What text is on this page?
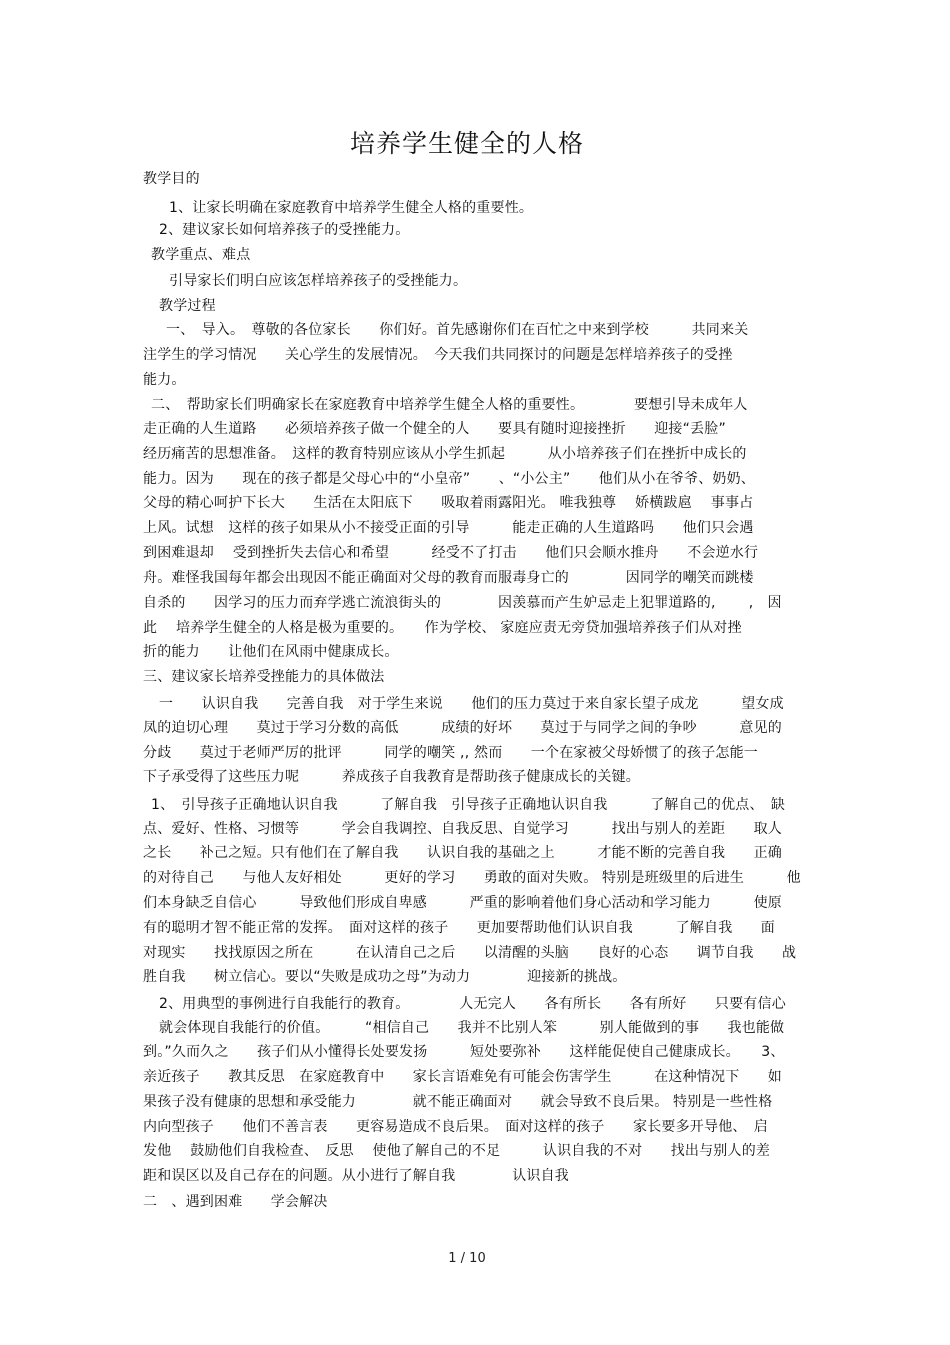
培养学生健全的人格
教学目的
1、让家长明确在家庭教育中培养学生健全人格的重要性。
2、建议家长如何培养孩子的受挫能力。
教学重点、难点
引导家长们明白应该怎样培养孩子的受挫能力。
教学过程
一、　导入。　尊敬的各位家长　　你们好。首先感谢你们在百忙之中来到学校　　　共同来关
注学生的学习情况　　关心学生的发展情况。　今天我们共同探讨的问题是怎样培养孩子的受挫
能力。
二、　帮助家长们明确家长在家庭教育中培养学生健全人格的重要性。　　　　要想引导未成年人
走正确的人生道路　　必须培养孩子做一个健全的人　　要具有随时迎接挫折　　迎接“丢脸”
经历痛苦的思想准备。　这样的教育特别应该从小学生抓起　　　从小培养孩子们在挫折中成长的
能力。因为　　现在的孩子都是父母心中的“小皇帝”　　、“小公主”　　他们从小在爷爷、奶奶、
父母的精心呵护下长大　　生活在太阳底下　　吸取着雨露阳光。 唯我独尊　 娇横跋扈　 事事占
上风。试想　这样的孩子如果从小不接受正面的引导　　　能走正确的人生道路吗　　他们只会遇
到困难退却　 受到挫折失去信心和希望　　　经受不了打击　　他们只会顺水推舟　　不会逆水行
舟。难怪我国每年都会出现因不能正确面对父母的教育而服毒身亡的　　　　因同学的嘲笑而跳楼
自杀的　　因学习的压力而弃学逃亡流浪街头的　　　　因羡慕而产生妒忌走上犯罪道路的,　　 ,　因
此　 培养学生健全的人格是极为重要的。　　作为学校、 家庭应责无旁贷加强培养孩子们从对挫
折的能力　　让他们在风雨中健康成长。
三、建议家长培养受挫能力的具体做法
一　　认识自我　　完善自我　对于学生来说　　他们的压力莫过于来自家长望子成龙　　　望女成
凤的迫切心理　　莫过于学习分数的高低　　　成绩的好坏　　莫过于与同学之间的争吵　　　意见的
分歧　　莫过于老师严厉的批评　　　同学的嘲笑 ,, 然而　　一个在家被父母娇惯了的孩子怎能一
下子承受得了这些压力呢　　　养成孩子自我教育是帮助孩子健康成长的关键。
1、　引导孩子正确地认识自我　　　了解自我　引导孩子正确地认识自我　　　了解自己的优点、　缺
点、爱好、性格、习惯等　　　学会自我调控、自我反思、自觉学习　　　找出与别人的差距　　取人
之长　　补己之短。只有他们在了解自我　　认识自我的基础之上　　　才能不断的完善自我　　正确
的对待自己　　与他人友好相处　　　更好的学习　　勇敢的面对失败。 特别是班级里的后进生　　　他
们本身缺乏自信心　　　导致他们形成自卑感　　　严重的影响着他们身心活动和学习能力　　　使原
有的聪明才智不能正常的发挥。　面对这样的孩子　　更加要帮助他们认识自我　　　了解自我　　面
对现实　　找找原因之所在　　　在认清自己之后　　以清醒的头脑　　良好的心态　　调节自我　　战
胜自我　　树立信心。要以“失败是成功之母”为动力　　　　迎接新的挑战。
2、用典型的事例进行自我能行的教育。　　　　人无完人　　各有所长　　各有所好　　只要有信心
就会体现自我能行的价值。　　　“相信自己　　我并不比别人笨　　　别人能做到的事　　我也能做
到。”久而久之　　孩子们从小懂得长处要发扬　　　短处要弥补　　这样能促使自己健康成长。　　3、
亲近孩子　　教其反思　在家庭教育中　　家长言语难免有可能会伤害学生　　　在这种情况下　　如
果孩子没有健康的思想和承受能力　　　　就不能正确面对　　就会导致不良后果。 特别是一些性格
内向型孩子　　他们不善言表　　更容易造成不良后果。　面对这样的孩子　　家长要多开导他、　启
发他　 鼓励他们自我检查、　反思　 使他了解自己的不足　　　认识自我的不对　　找出与别人的差
距和误区以及自己存在的问题。从小进行了解自我　　　　认识自我
二　、遇到困难　　学会解决
1 / 10
